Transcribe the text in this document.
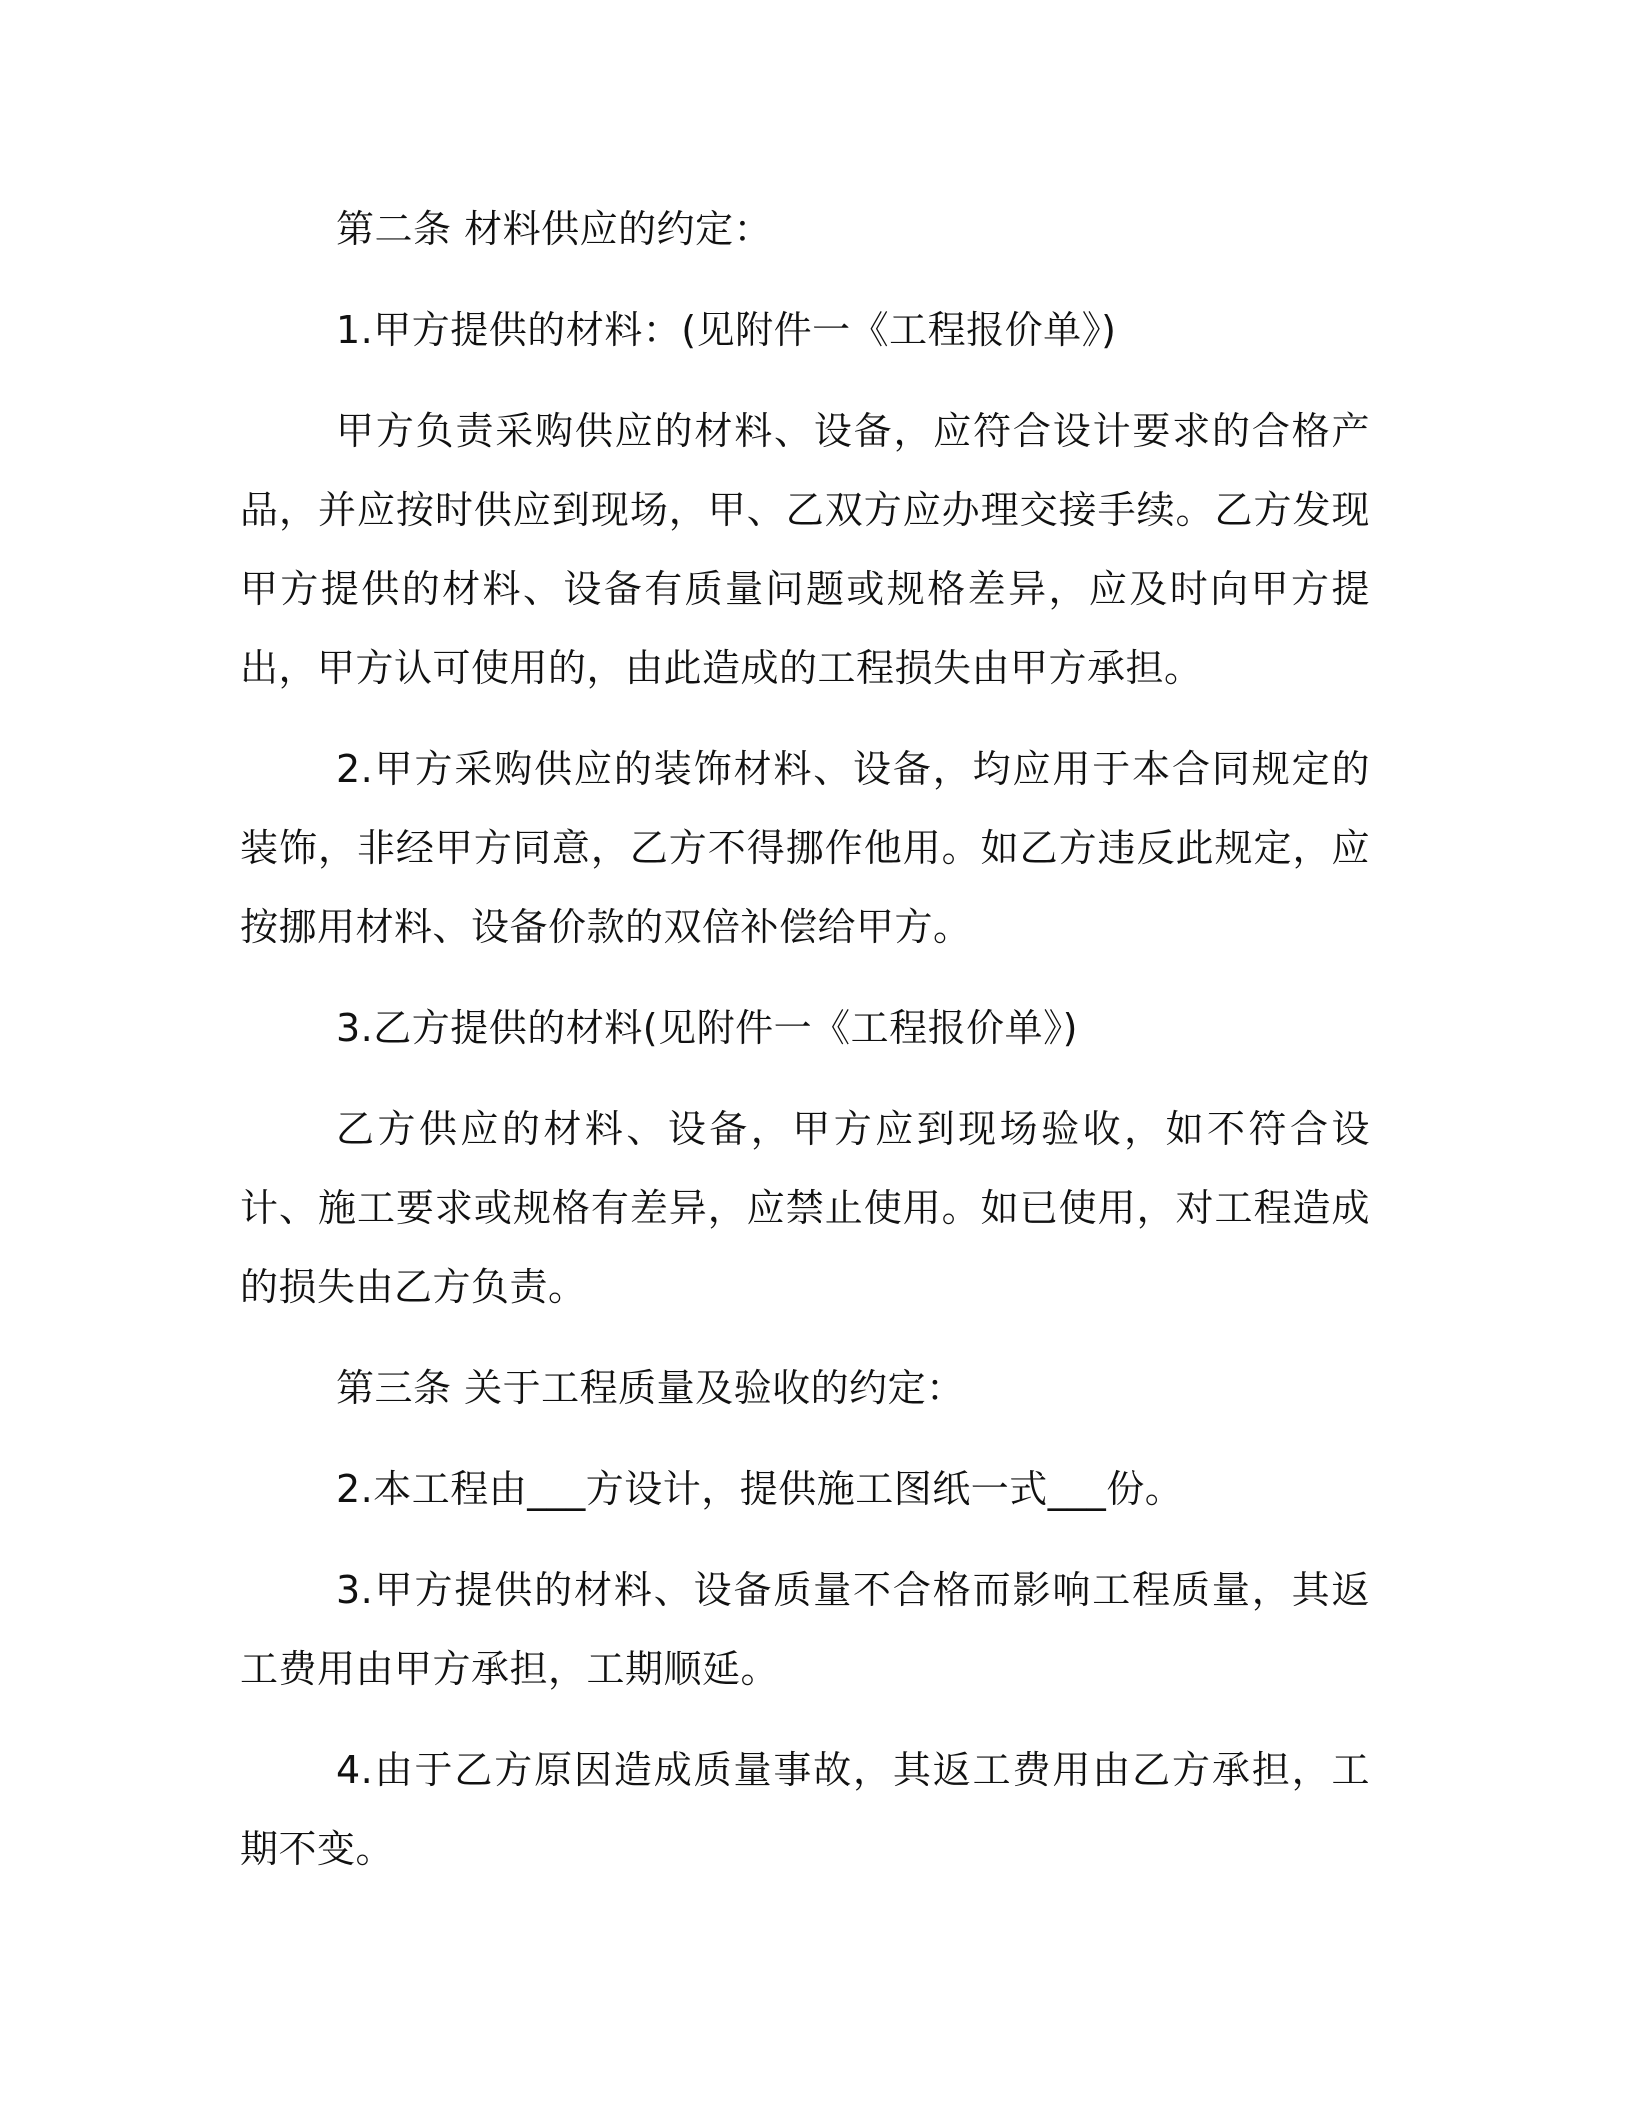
第二条 材料供应的约定：

1.甲方提供的材料：(见附件一《工程报价单》)

甲方负责采购供应的材料、设备，应符合设计要求的合格产品，并应按时供应到现场，甲、乙双方应办理交接手续。乙方发现甲方提供的材料、设备有质量问题或规格差异，应及时向甲方提出，甲方认可使用的，由此造成的工程损失由甲方承担。

2.甲方采购供应的装饰材料、设备，均应用于本合同规定的装饰，非经甲方同意，乙方不得挪作他用。如乙方违反此规定，应按挪用材料、设备价款的双倍补偿给甲方。

3.乙方提供的材料(见附件一《工程报价单》)

乙方供应的材料、设备，甲方应到现场验收，如不符合设计、施工要求或规格有差异，应禁止使用。如已使用，对工程造成的损失由乙方负责。

第三条 关于工程质量及验收的约定：

2.本工程由___方设计，提供施工图纸一式___份。

3.甲方提供的材料、设备质量不合格而影响工程质量，其返工费用由甲方承担，工期顺延。

4.由于乙方原因造成质量事故，其返工费用由乙方承担，工期不变。
